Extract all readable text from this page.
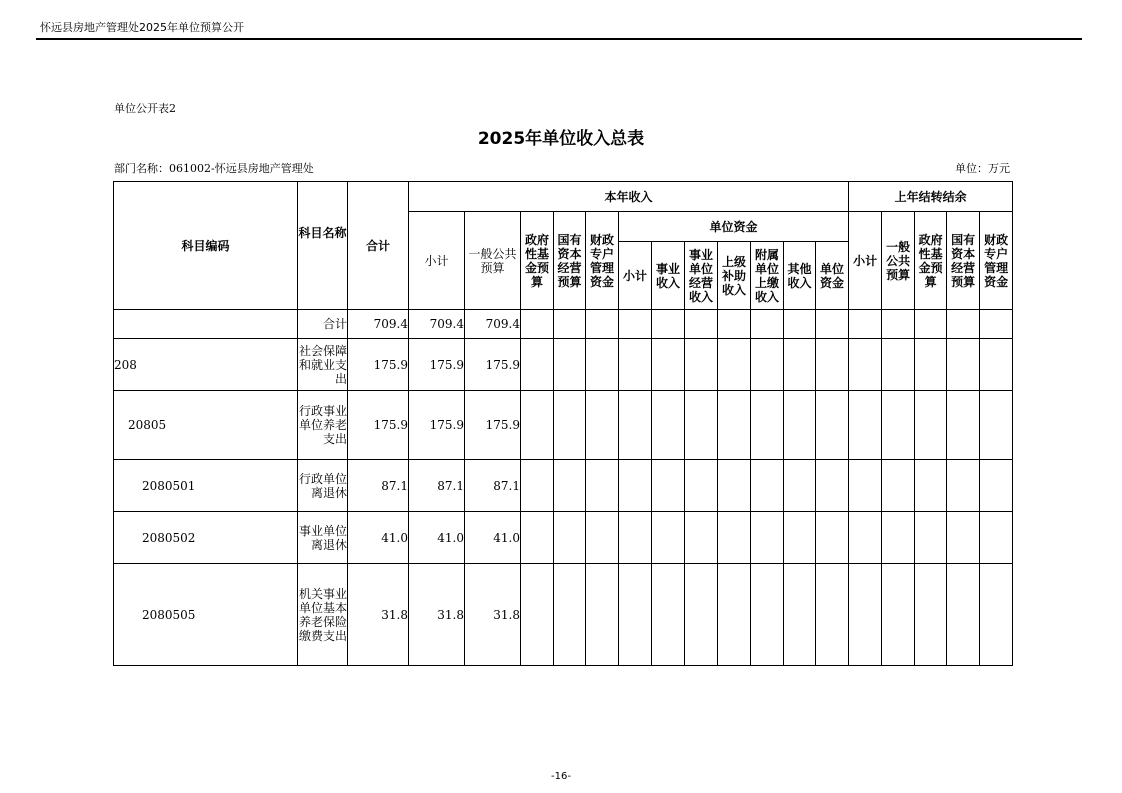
怀远县房地产管理处2025年单位预算公开
单位公开表2
2025年单位收入总表
部门名称：061002-怀远县房地产管理处	单位：万元
科目编码	科目名称	合计	本年收入												上年结转结余				
			小计	一般公共预算	政府性基金预算	国有资本经营预算	财政专户管理资金	单位资金							小计	一般公共预算	政府性基金预算	国有资本经营预算	财政专户管理资金
								小计	事业收入	事业单位经营收入	上级补助收入	附属单位上缴收入	其他收入	单位资金					

	合计	709.4	709.4	709.4															
208	社会保障和就业支出	175.9	175.9	175.9															
20805	行政事业单位养老支出	175.9	175.9	175.9															
2080501	行政单位离退休	87.1	87.1	87.1															
2080502	事业单位离退休	41.0	41.0	41.0															
2080505	机关事业单位基本养老保险缴费支出	31.8	31.8	31.8															
-16-
